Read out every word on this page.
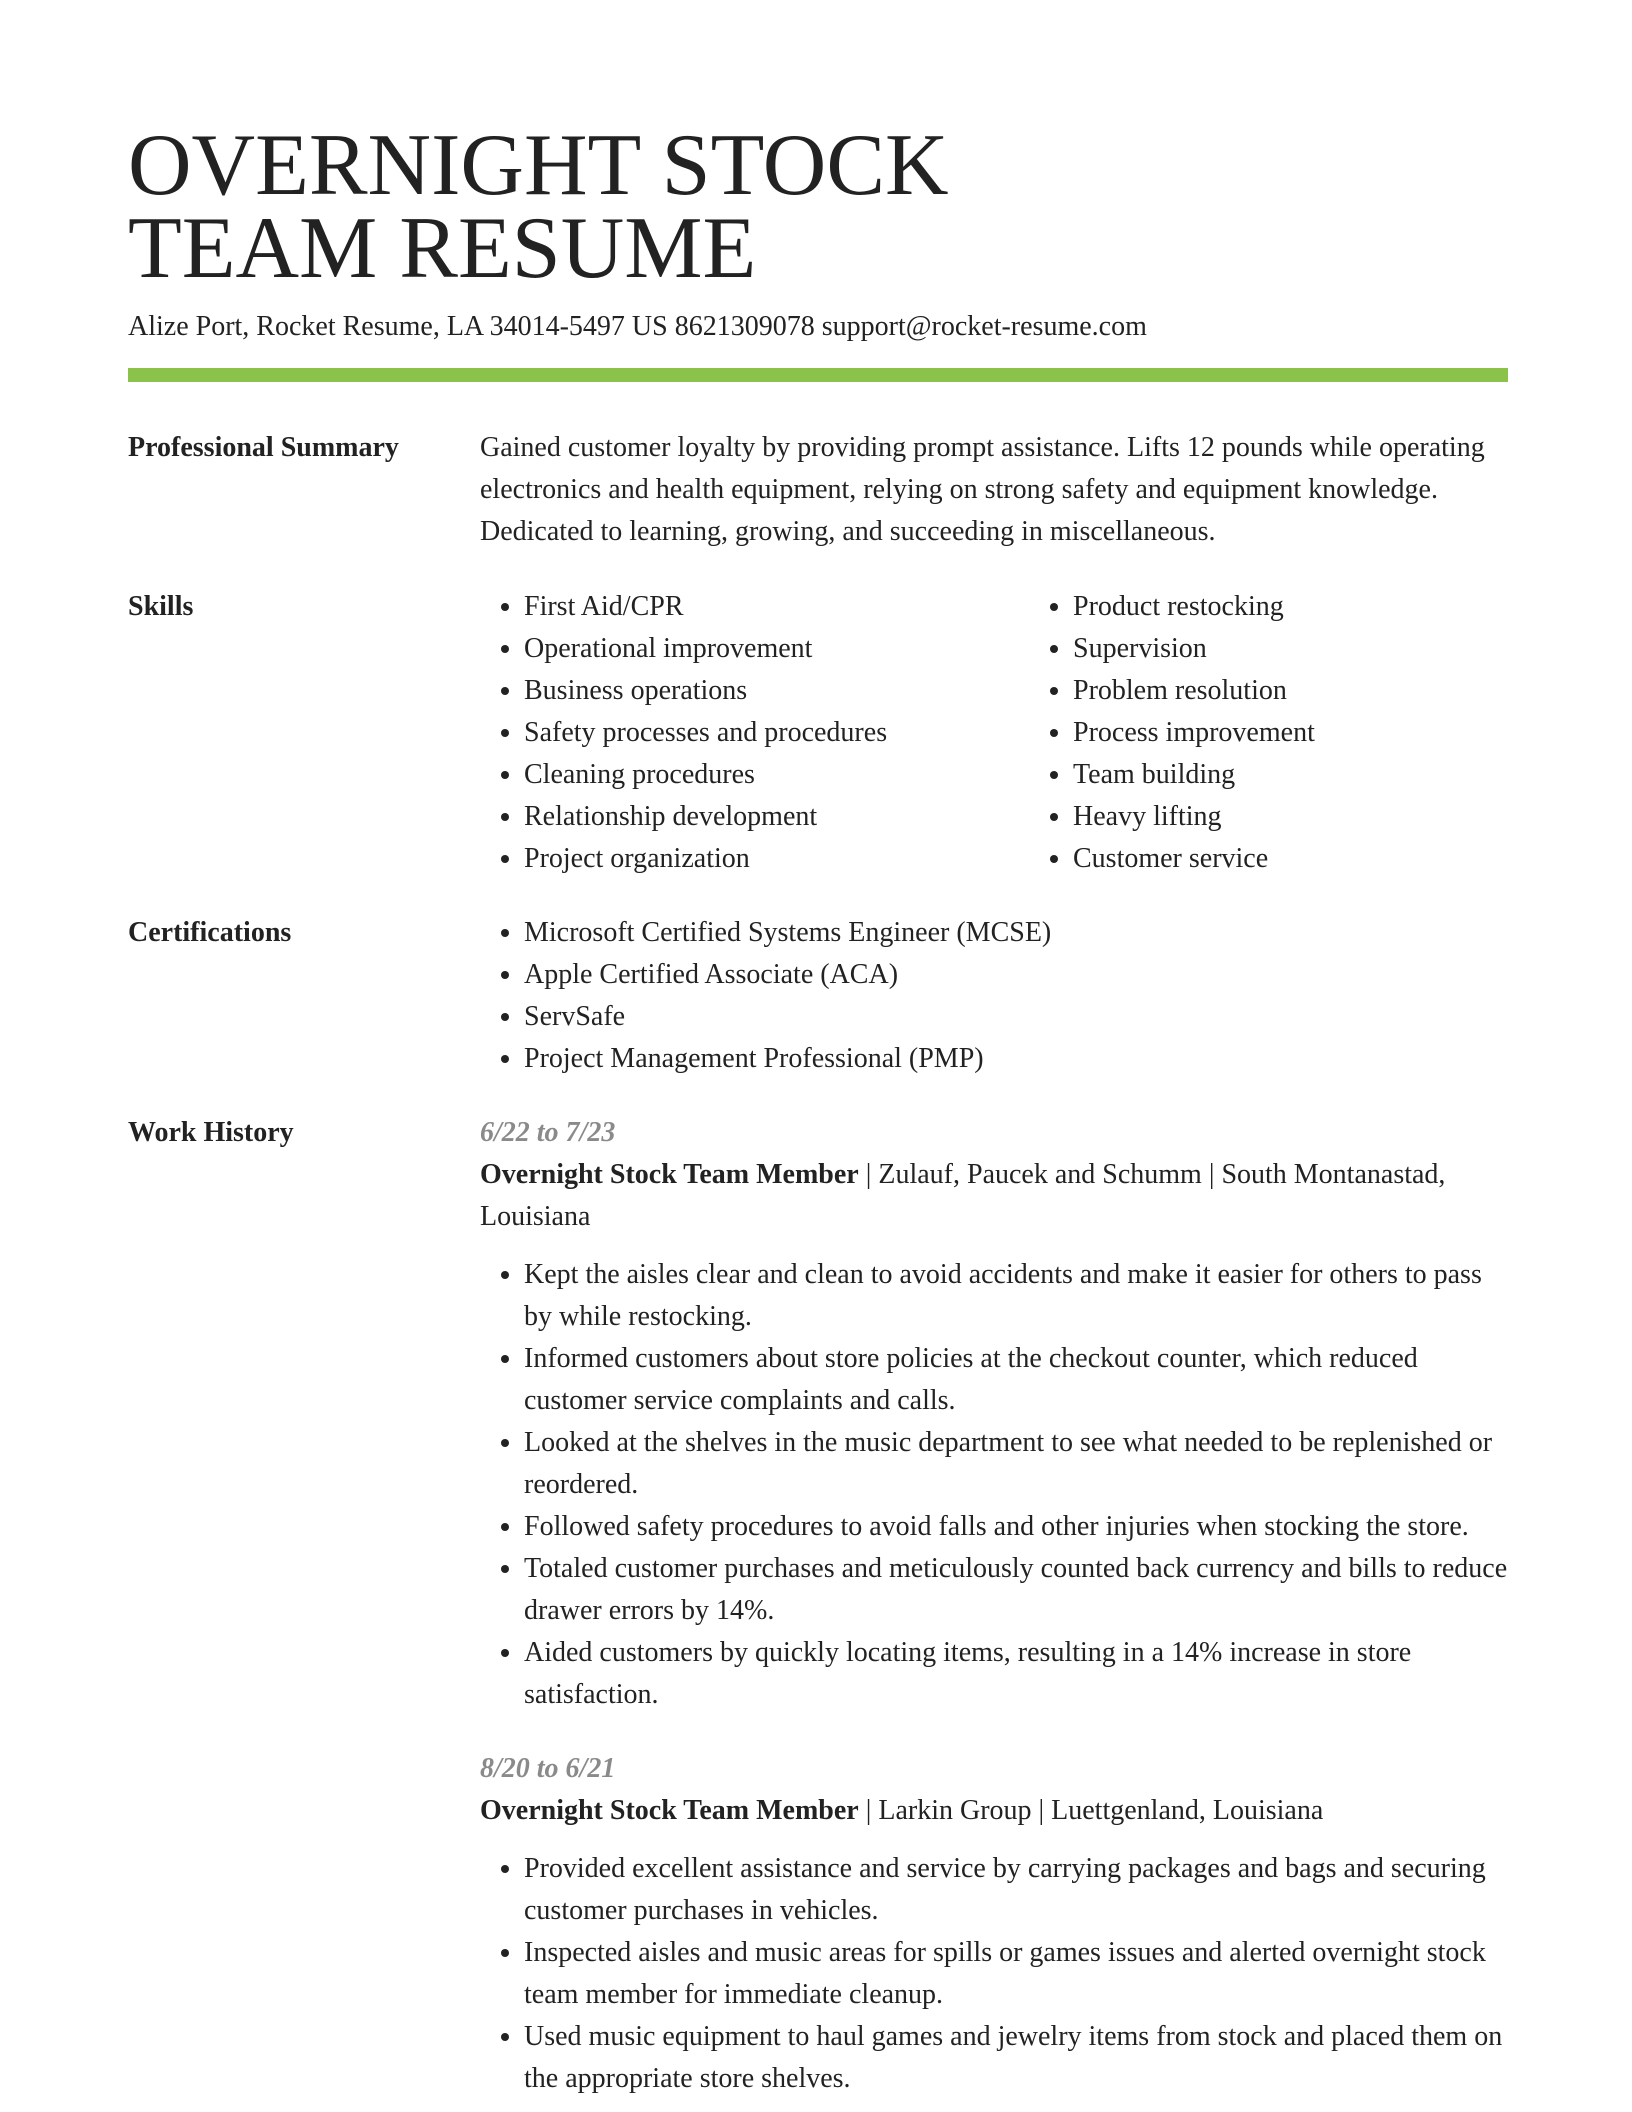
OVERNIGHT STOCK
TEAM RESUME
Alize Port, Rocket Resume, LA 34014-5497 US 8621309078 support@rocket-resume.com
Professional Summary	Gained customer loyalty by providing prompt assistance. Lifts 12 pounds while operating electronics and health equipment, relying on strong safety and equipment knowledge. Dedicated to learning, growing, and succeeding in miscellaneous.
Skills	• First Aid/CPR
• Operational improvement
• Business operations
• Safety processes and procedures
• Cleaning procedures
• Relationship development
• Project organization
• Product restocking
• Supervision
• Problem resolution
• Process improvement
• Team building
• Heavy lifting
• Customer service
Certifications	• Microsoft Certified Systems Engineer (MCSE)
• Apple Certified Associate (ACA)
• ServSafe
• Project Management Professional (PMP)
Work History	6/22 to 7/23
Overnight Stock Team Member | Zulauf, Paucek and Schumm | South Montanastad, Louisiana
• Kept the aisles clear and clean to avoid accidents and make it easier for others to pass by while restocking.
• Informed customers about store policies at the checkout counter, which reduced customer service complaints and calls.
• Looked at the shelves in the music department to see what needed to be replenished or reordered.
• Followed safety procedures to avoid falls and other injuries when stocking the store.
• Totaled customer purchases and meticulously counted back currency and bills to reduce drawer errors by 14%.
• Aided customers by quickly locating items, resulting in a 14% increase in store satisfaction.
8/20 to 6/21
Overnight Stock Team Member | Larkin Group | Luettgenland, Louisiana
• Provided excellent assistance and service by carrying packages and bags and securing customer purchases in vehicles.
• Inspected aisles and music areas for spills or games issues and alerted overnight stock team member for immediate cleanup.
• Used music equipment to haul games and jewelry items from stock and placed them on the appropriate store shelves.
